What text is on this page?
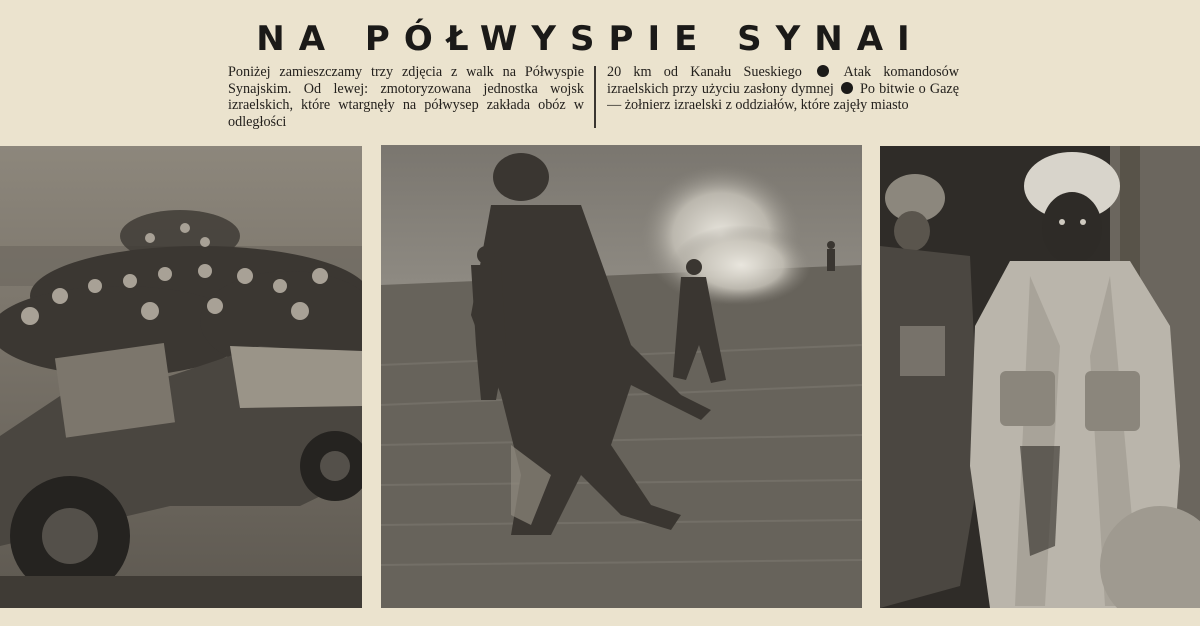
NA PÓŁWYSPIE SYNAI
Poniżej zamieszczamy trzy zdjęcia z walk na Półwyspie Synajskim. Od lewej: zmotoryzowana jednostka wojsk izraelskich, które wtargnęły na półwysep zakłada obóz w odległości
20 km od Kanału Sueskiego	Atak komandosów izraelskich przy użyciu zasłony dymnej Po bitwie o Gazę — żołnierz izraelski z oddziałów, które zajęły miasto
